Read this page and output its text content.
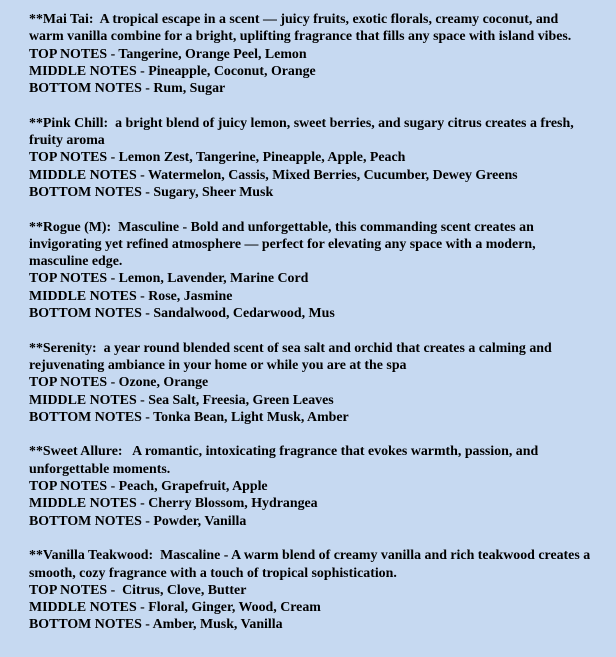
**Mai Tai:  A tropical escape in a scent — juicy fruits, exotic florals, creamy coconut, and warm vanilla combine for a bright, uplifting fragrance that fills any space with island vibes.

TOP NOTES - Tangerine, Orange Peel, Lemon

MIDDLE NOTES - Pineapple, Coconut, Orange

BOTTOM NOTES - Rum, Sugar

**Pink Chill:  a bright blend of juicy lemon, sweet berries, and sugary citrus creates a fresh, fruity aroma

TOP NOTES - Lemon Zest, Tangerine, Pineapple, Apple, Peach

MIDDLE NOTES - Watermelon, Cassis, Mixed Berries, Cucumber, Dewey Greens

BOTTOM NOTES - Sugary, Sheer Musk

**Rogue (M):  Masculine - Bold and unforgettable, this commanding scent creates an invigorating yet refined atmosphere — perfect for elevating any space with a modern, masculine edge.

TOP NOTES - Lemon, Lavender, Marine Cord

MIDDLE NOTES - Rose, Jasmine

BOTTOM NOTES - Sandalwood, Cedarwood, Mus

**Serenity:  a year round blended scent of sea salt and orchid that creates a calming and rejuvenating ambiance in your home or while you are at the spa

TOP NOTES - Ozone, Orange

MIDDLE NOTES - Sea Salt, Freesia, Green Leaves

BOTTOM NOTES - Tonka Bean, Light Musk, Amber

**Sweet Allure:   A romantic, intoxicating fragrance that evokes warmth, passion, and unforgettable moments.

TOP NOTES - Peach, Grapefruit, Apple

MIDDLE NOTES - Cherry Blossom, Hydrangea

BOTTOM NOTES - Powder, Vanilla

**Vanilla Teakwood:  Mascaline - A warm blend of creamy vanilla and rich teakwood creates a smooth, cozy fragrance with a touch of tropical sophistication.

TOP NOTES -  Citrus, Clove, Butter

MIDDLE NOTES - Floral, Ginger, Wood, Cream

BOTTOM NOTES - Amber, Musk, Vanilla
